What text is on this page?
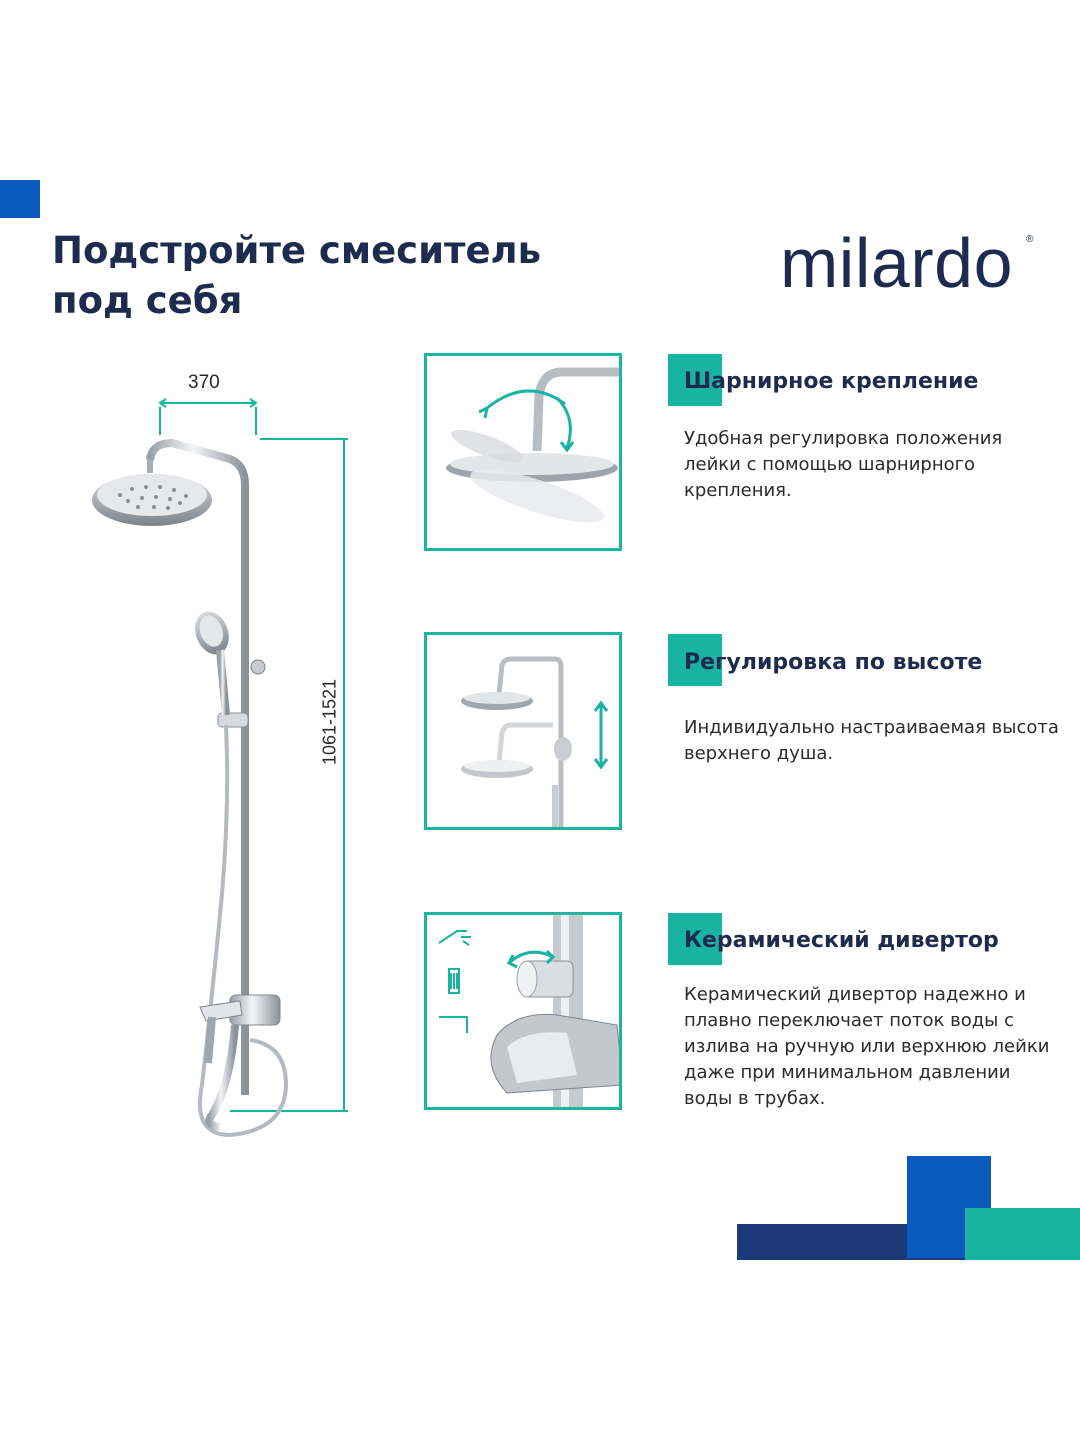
Подстройте смеситель
под себя	milardo ®
370
1061-1521
Шарнирное крепление

Удобная регулировка положения лейки с помощью шарнирного крепления.

Регулировка по высоте

Индивидуально настраиваемая высота верхнего душа.

Керамический дивертор

Керамический дивертор надежно и плавно переключает поток воды с излива на ручную или верхнюю лейки даже при минимальном давлении воды в трубах.
